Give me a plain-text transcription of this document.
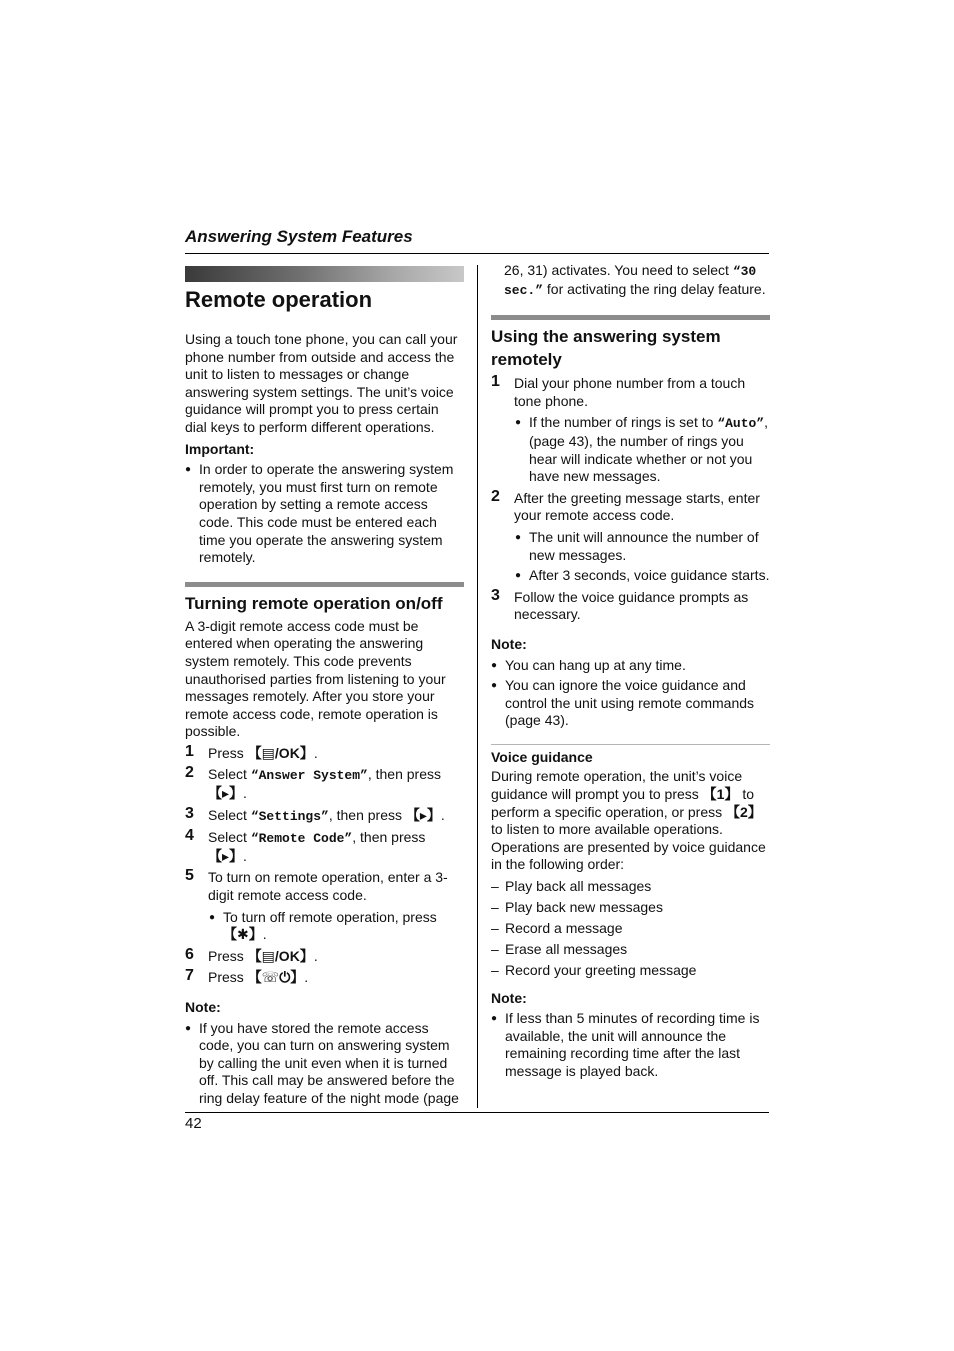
Answering System Features
Remote operation

Using a touch tone phone, you can call your phone number from outside and access the unit to listen to messages or change answering system settings. The unit’s voice guidance will prompt you to press certain dial keys to perform different operations.

Important:
● In order to operate the answering system remotely, you must first turn on remote operation by setting a remote access code. This code must be entered each time you operate the answering system remotely.
Turning remote operation on/off

A 3-digit remote access code must be entered when operating the answering system remotely. This code prevents unauthorised parties from listening to your messages remotely. After you store your remote access code, remote operation is possible.

1 Press 【▤/OK】.
2 Select “Answer System”, then press 【▸】.
3 Select “Settings”, then press 【▸】.
4 Select “Remote Code”, then press 【▸】.
5 To turn on remote operation, enter a 3-digit remote access code.
● To turn off remote operation, press 【✱】.
6 Press 【▤/OK】.
7 Press 【☏⏻】.
Note:
● If you have stored the remote access code, you can turn on answering system by calling the unit even when it is turned off. This call may be answered before the ring delay feature of the night mode (page

26, 31) activates. You need to select “30 sec.” for activating the ring delay feature.

Using the answering system remotely
1 Dial your phone number from a touch tone phone.
● If the number of rings is set to “Auto”, (page 43), the number of rings you hear will indicate whether or not you have new messages.
2 After the greeting message starts, enter your remote access code.
● The unit will announce the number of new messages.
● After 3 seconds, voice guidance starts.
3 Follow the voice guidance prompts as necessary.
Note:
● You can hang up at any time.
● You can ignore the voice guidance and control the unit using remote commands (page 43).
Voice guidance

During remote operation, the unit’s voice guidance will prompt you to press 【1】 to perform a specific operation, or press 【2】 to listen to more available operations. Operations are presented by voice guidance in the following order:

– Play back all messages
– Play back new messages
– Record a message
– Erase all messages
– Record your greeting message
Note:
● If less than 5 minutes of recording time is available, the unit will announce the remaining recording time after the last message is played back.
42
